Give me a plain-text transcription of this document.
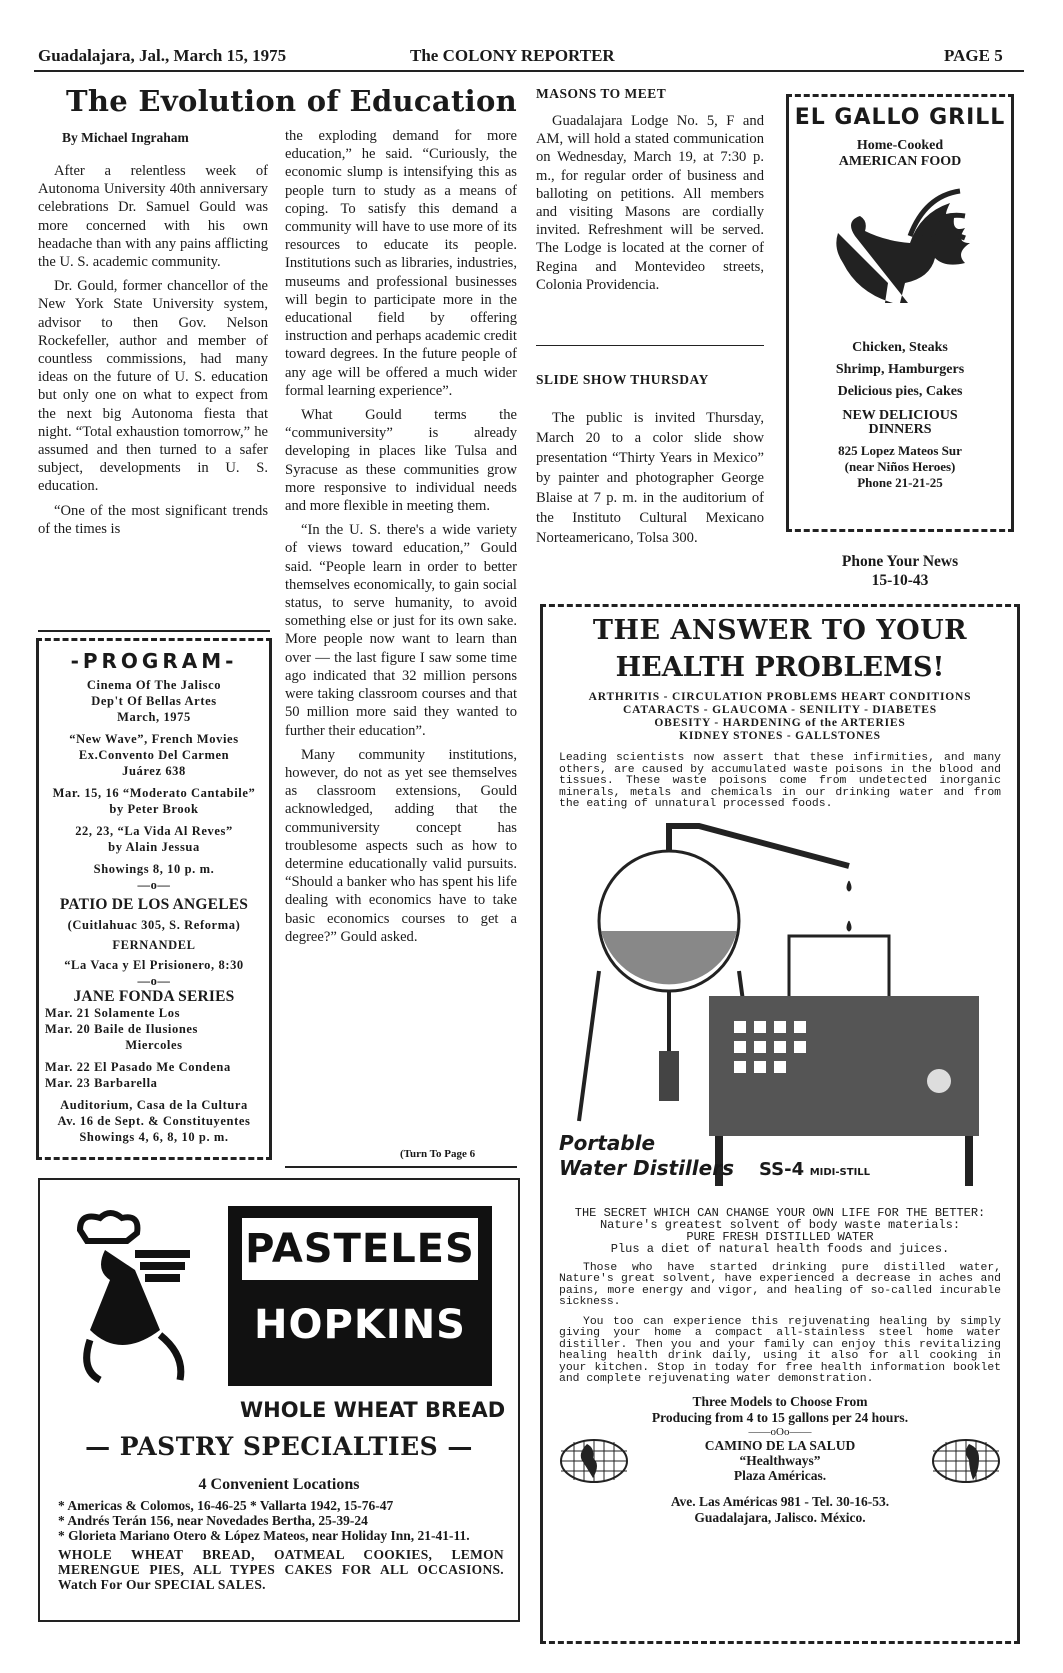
Guadalajara, Jal., March 15, 1975	The COLONY REPORTER	PAGE 5
The Evolution of Education
By Michael Ingraham

After a relentless week of Autonoma University 40th anniversary celebrations Dr. Samuel Gould was more concerned with his own headache than with any pains afflicting the U. S. academic community.

Dr. Gould, former chancellor of the New York State University system, advisor to then Gov. Nelson Rockefeller, author and member of countless commissions, had many ideas on the future of U. S. education but only one on what to expect from the next big Autonoma fiesta that night. “Total exhaustion tomorrow,” he assumed and then turned to a safer subject, developments in U. S. education.

“One of the most significant trends of the times is

the exploding demand for more education,” he said. “Curiously, the economic slump is intensifying this as people turn to study as a means of coping. To satisfy this demand a community will have to use more of its resources to educate its people. Institutions such as libraries, industries, museums and professional businesses will begin to participate more in the educational field by offering instruction and perhaps academic credit toward degrees. In the future people of any age will be offered a much wider formal learning experience”.

What Gould terms the “communiversity” is already developing in places like Tulsa and Syracuse as these communities grow more responsive to individual needs and more flexible in meeting them.

“In the U. S. there's a wide variety of views toward education,” Gould said. “People learn in order to better themselves economically, to gain social status, to serve humanity, to avoid something else or just for its own sake. More people now want to learn than over — the last figure I saw some time ago indicated that 32 million persons were taking classroom courses and that 50 million more said they wanted to further their education”.

Many community institutions, however, do not as yet see themselves as classroom extensions, Gould acknowledged, adding that the communiversity concept has troublesome aspects such as how to determine educationally valid pursuits. “Should a banker who has spent his life dealing with economics have to take basic economics courses to get a degree?” Gould asked.

(Turn To Page 6
-PROGRAM-
Cinema Of The Jalisco
Dep't Of Bellas Artes
March, 1975
“New Wave”, French Movies
Ex.Convento Del Carmen
Juárez 638
Mar. 15, 16 “Moderato Cantabile”
by Peter Brook
22, 23, “La Vida Al Reves”
by Alain Jessua
Showings 8, 10 p. m.
—o—
PATIO DE LOS ANGELES
(Cuitlahuac 305, S. Reforma)
FERNANDEL
“La Vaca y El Prisionero, 8:30
—o—
JANE FONDA SERIES
Mar. 21 Solamente Los
Mar. 20 Baile de Ilusiones
Miercoles
Mar. 22 El Pasado Me Condena
Mar. 23 Barbarella
Auditorium, Casa de la Cultura
Av. 16 de Sept. & Constituyentes
Showings 4, 6, 8, 10 p. m.
MASONS TO MEET

Guadalajara Lodge No. 5, F and AM, will hold a stated communication on Wednesday, March 19, at 7:30 p. m., for regular order of business and balloting on petitions. All members and visiting Masons are cordially invited. Refreshment will be served. The Lodge is located at the corner of Regina and Montevideo streets, Colonia Providencia.

SLIDE SHOW THURSDAY

The public is invited Thursday, March 20 to a color slide show presentation “Thirty Years in Mexico” by painter and photographer George Blaise at 7 p. m. in the auditorium of the Instituto Cultural Mexicano Norteamericano, Tolsa 300.

EL GALLO GRILL

Home-Cooked

AMERICAN FOOD

Chicken, Steaks

Shrimp, Hamburgers

Delicious pies, Cakes

NEW DELICIOUS DINNERS

825 Lopez Mateos Sur

(near Niños Heroes)

Phone 21-21-25

Phone Your News
15-10-43

THE ANSWER TO YOUR

HEALTH PROBLEMS!

ARTHRITIS - CIRCULATION PROBLEMS HEART CONDITIONS

CATARACTS - GLAUCOMA - SENILITY - DIABETES

OBESITY - HARDENING of the ARTERIES

KIDNEY STONES - GALLSTONES

Leading scientists now assert that these infirmities, and many others, are caused by accumulated waste poisons in the blood and tissues. These waste poisons come from undetected inorganic minerals, metals and chemicals in our drinking water and from the eating of unnatural processed foods.

Portable
Water Distillers SS-4 MIDI-STILL

THE SECRET WHICH CAN CHANGE YOUR OWN LIFE FOR THE BETTER:

Nature's greatest solvent of body waste materials:

PURE FRESH DISTILLED WATER

Plus a diet of natural health foods and juices.

Those who have started drinking pure distilled water, Nature's great solvent, have experienced a decrease in aches and pains, more energy and vigor, and healing of so-called incurable sickness.

You too can experience this rejuvenating healing by simply giving your home a compact all-stainless steel home water distiller. Then you and your family can enjoy this revitalizing healing health drink daily, using it also for all cooking in your kitchen. Stop in today for free health information booklet and complete rejuvenating water demonstration.

Three Models to Choose From

Producing from 4 to 15 gallons per 24 hours.

——oOo——

CAMINO DE LA SALUD

“Healthways”

Plaza Américas.

Ave. Las Américas 981 - Tel. 30-16-53.

Guadalajara, Jalisco. México.

PASTELES
HOPKINS
WHOLE WHEAT BREAD
— PASTRY SPECIALTIES —
4 Convenient Locations

* Americas & Colomos, 16-46-25 * Vallarta 1942, 15-76-47

* Andrés Terán 156, near Novedades Bertha, 25-39-24

* Glorieta Mariano Otero & López Mateos, near Holiday Inn, 21-41-11.

WHOLE WHEAT BREAD, OATMEAL COOKIES, LEMON MERENGUE PIES, ALL TYPES CAKES FOR ALL OCCASIONS. Watch For Our SPECIAL SALES.
